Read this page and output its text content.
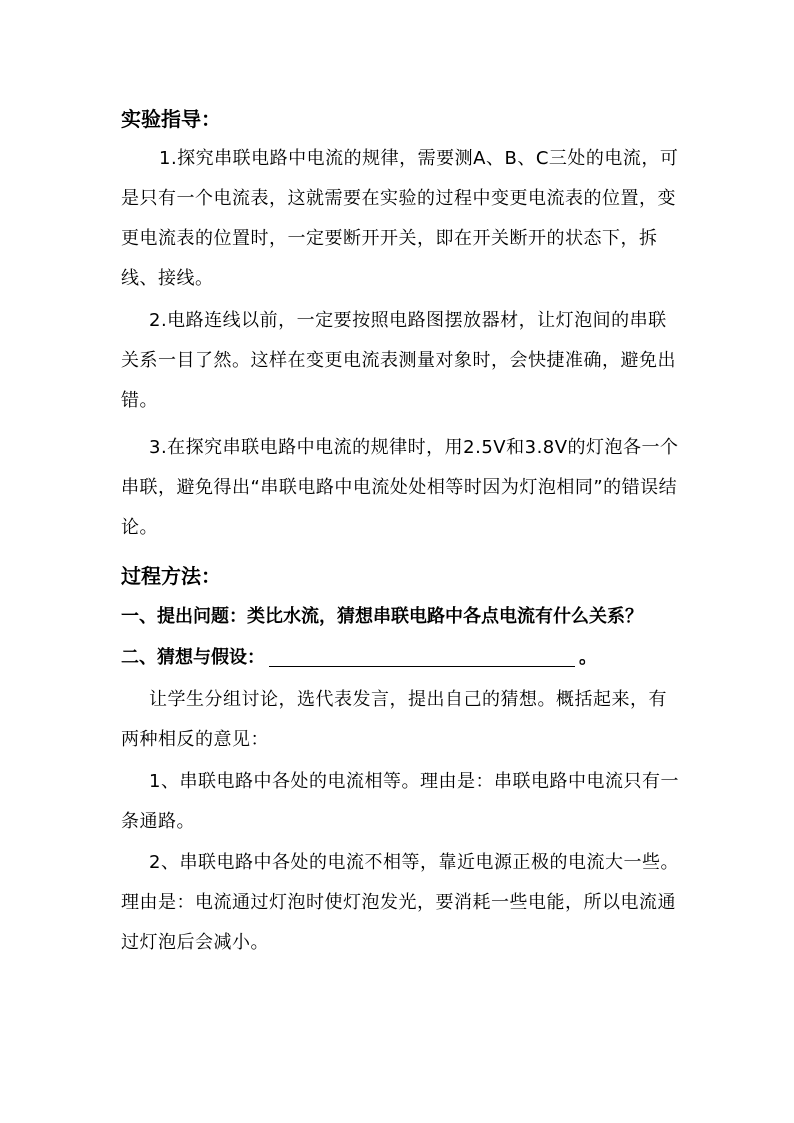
实验指导：

1.探究串联电路中电流的规律，需要测A、B、C三处的电流，可是只有一个电流表，这就需要在实验的过程中变更电流表的位置，变更电流表的位置时，一定要断开开关，即在开关断开的状态下，拆线、接线。

2.电路连线以前，一定要按照电路图摆放器材，让灯泡间的串联关系一目了然。这样在变更电流表测量对象时，会快捷准确，避免出错。

3.在探究串联电路中电流的规律时，用2.5V和3.8V的灯泡各一个串联，避免得出“串联电路中电流处处相等时因为灯泡相同”的错误结论。

过程方法：

一、提出问题：类比水流，猜想串联电路中各点电流有什么关系？

二、猜想与假设：	。

让学生分组讨论，选代表发言，提出自己的猜想。概括起来，有两种相反的意见：

1、串联电路中各处的电流相等。理由是：串联电路中电流只有一条通路。

2、串联电路中各处的电流不相等，靠近电源正极的电流大一些。理由是：电流通过灯泡时使灯泡发光，要消耗一些电能，所以电流通过灯泡后会减小。
